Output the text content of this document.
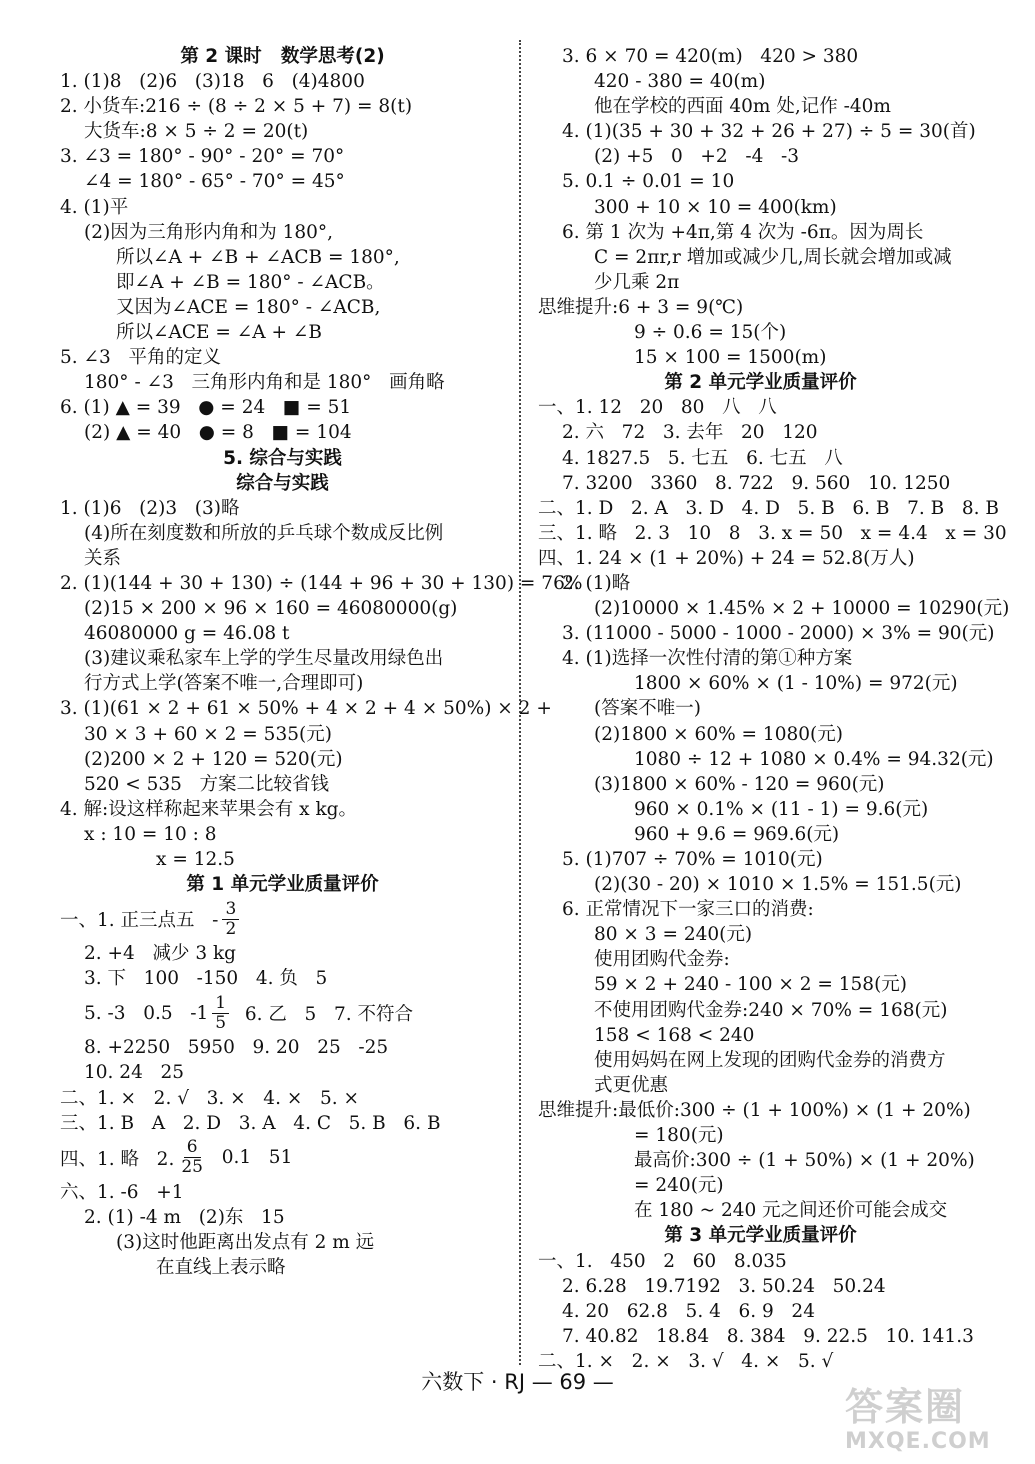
第 2 课时   数学思考(2)
1. (1)8   (2)6   (3)18   6   (4)4800
2. 小货车:216 ÷ (8 ÷ 2 × 5 + 7) = 8(t)
大货车:8 × 5 ÷ 2 = 20(t)
3. ∠3 = 180° - 90° - 20° = 70°
∠4 = 180° - 65° - 70° = 45°
4. (1)平
(2)因为三角形内角和为 180°,
所以∠A + ∠B + ∠ACB = 180°,
即∠A + ∠B = 180° - ∠ACB。
又因为∠ACE = 180° - ∠ACB,
所以∠ACE = ∠A + ∠B
5. ∠3   平角的定义
180° - ∠3   三角形内角和是 180°   画角略
6. (1) ▲ = 39   ● = 24   ■ = 51
(2) ▲ = 40   ● = 8   ■ = 104
5. 综合与实践
综合与实践
1. (1)6   (2)3   (3)略
(4)所在刻度数和所放的乒乓球个数成反比例
关系
2. (1)(144 + 30 + 130) ÷ (144 + 96 + 30 + 130) = 76%
(2)15 × 200 × 96 × 160 = 46080000(g)
46080000 g = 46.08 t
(3)建议乘私家车上学的学生尽量改用绿色出
行方式上学(答案不唯一,合理即可)
3. (1)(61 × 2 + 61 × 50% + 4 × 2 + 4 × 50%) × 2 +
30 × 3 + 60 × 2 = 535(元)
(2)200 × 2 + 120 = 520(元)
520 < 535   方案二比较省钱
4. 解:设这样称起来苹果会有 x kg。
x : 10 = 10 : 8
x = 12.5
第 1 单元学业质量评价
一、1. 正三点五   - $\frac{3}{2}$
2. +4   减少 3 kg
3. 下   100   -150   4. 负   5
5. -3   0.5   $-1 \frac{1}{5} 6$. 乙   5   7. 不符合
8. +2250   5950   9. 20   25   -25
10. 24   25
二、1. ×   2. √   3. ×   4. ×   5. ×
三、1. B   A   2. D   3. A   4. C   5. B   6. B
四、1. 略   2. $\frac{6}{25} 0.1$   51
六、1. -6   +1
2. (1) -4 m   (2)东   15
(3)这时他距离出发点有 2 m 远
在直线上表示略
3. 6 × 70 = 420(m)   420 > 380
420 - 380 = 40(m)
他在学校的西面 40m 处,记作 -40m
4. (1)(35 + 30 + 32 + 26 + 27) ÷ 5 = 30(首)
(2) +5   0   +2   -4   -3
5. 0.1 ÷ 0.01 = 10
300 + 10 × 10 = 400(km)
6. 第 1 次为 +4π,第 4 次为 -6π。因为周长
C = 2πr,r 增加或减少几,周长就会增加或减
少几乘 2π
思维提升:6 + 3 = 9(℃)
9 ÷ 0.6 = 15(个)
15 × 100 = 1500(m)
第 2 单元学业质量评价
一、1. 12   20   80   八   八
2. 六   72   3. 去年   20   120
4. 1827.5   5. 七五   6. 七五   八
7. 3200   3360   8. 722   9. 560   10. 1250
二、1. D   2. A   3. D   4. D   5. B   6. B   7. B   8. B
三、1. 略   2. 3   10   8   3. x = 50   x = 4.4   x = 30
四、1. 24 × (1 + 20%) + 24 = 52.8(万人)
2. (1)略
(2)10000 × 1.45% × 2 + 10000 = 10290(元)
3. (11000 - 5000 - 1000 - 2000) × 3% = 90(元)
4. (1)选择一次性付清的第①种方案
1800 × 60% × (1 - 10%) = 972(元)
(答案不唯一)
(2)1800 × 60% = 1080(元)
1080 ÷ 12 + 1080 × 0.4% = 94.32(元)
(3)1800 × 60% - 120 = 960(元)
960 × 0.1% × (11 - 1) = 9.6(元)
960 + 9.6 = 969.6(元)
5. (1)707 ÷ 70% = 1010(元)
(2)(30 - 20) × 1010 × 1.5% = 151.5(元)
6. 正常情况下一家三口的消费:
80 × 3 = 240(元)
使用团购代金券:
59 × 2 + 240 - 100 × 2 = 158(元)
不使用团购代金券:240 × 70% = 168(元)
158 < 168 < 240
使用妈妈在网上发现的团购代金券的消费方
式更优惠
思维提升:最低价:300 ÷ (1 + 100%) × (1 + 20%)
= 180(元)
最高价:300 ÷ (1 + 50%) × (1 + 20%)
= 240(元)
在 180 ~ 240 元之间还价可能会成交
第 3 单元学业质量评价
一、1.   450   2   60   8.035
2. 6.28   19.7192   3. 50.24   50.24
4. 20   62.8   5. 4   6. 9   24
7. 40.82   18.84   8. 384   9. 22.5   10. 141.3
二、1. ×   2. ×   3. √   4. ×   5. √
六数下 · RJ — 69 —
答案圈
MXQE.COM
